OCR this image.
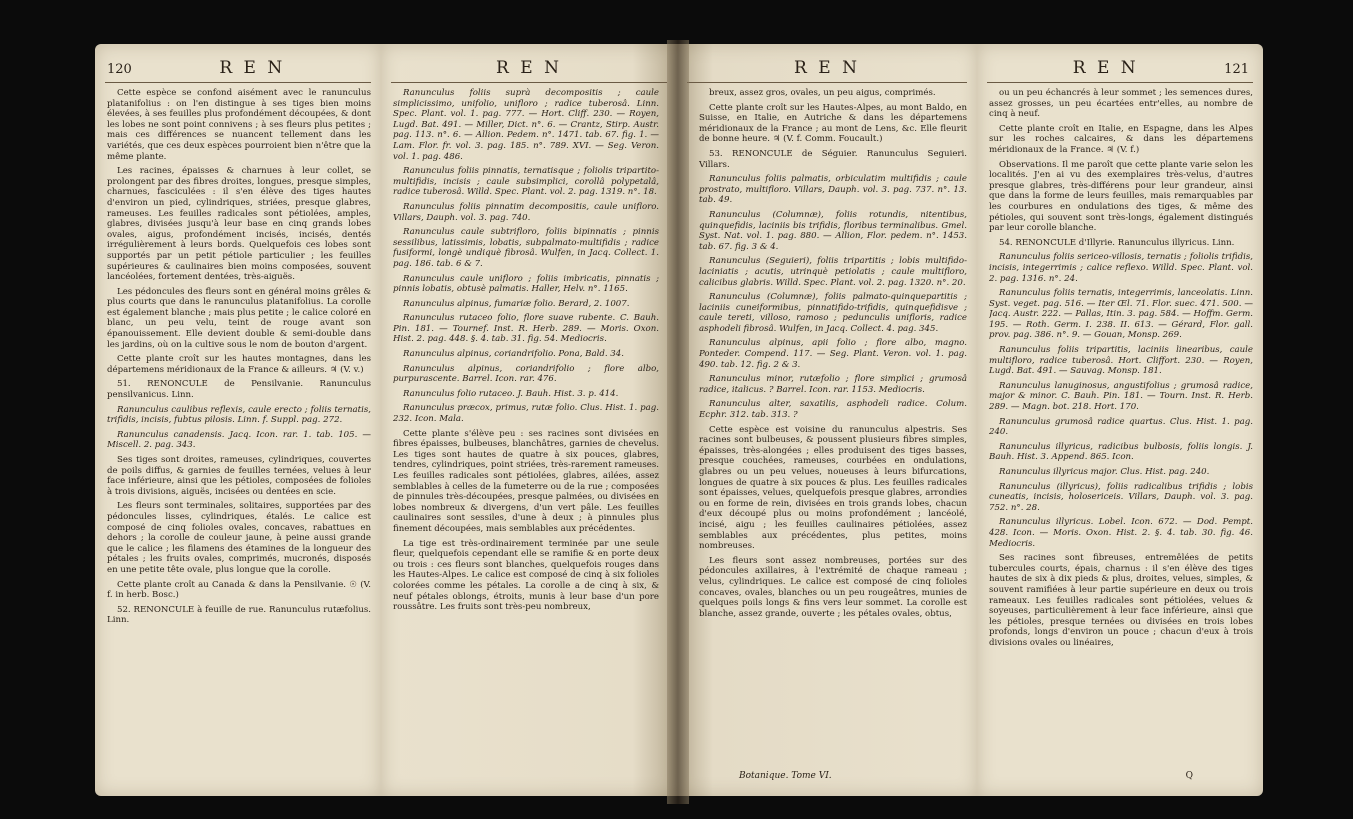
120	R E N

Cette espèce se confond aisément avec le ranunculus platanifolius : on l'en distingue à ses tiges bien moins élevées, à ses feuilles plus profondément découpées, & dont les lobes ne sont point connivens ; à ses fleurs plus petites ; mais ces différences se nuancent tellement dans les variétés, que ces deux espèces pourroient bien n'être que la même plante.

Les racines, épaisses & charnues à leur collet, se prolongent par des fibres droites, longues, presque simples, charnues, fasciculées : il s'en élève des tiges hautes d'environ un pied, cylindriques, striées, presque glabres, rameuses. Les feuilles radicales sont pétiolées, amples, glabres, divisées jusqu'à leur base en cinq grands lobes ovales, aigus, profondément incisés, incisés, dentés irrégulièrement à leurs bords. Quelquefois ces lobes sont supportés par un petit pétiole particulier ; les feuilles supérieures & caulinaires bien moins composées, souvent lancéolées, fortement dentées, très-aiguës.

Les pédoncules des fleurs sont en général moins grêles & plus courts que dans le ranunculus platanifolius. La corolle est également blanche ; mais plus petite ; le calice coloré en blanc, un peu velu, teint de rouge avant son épanouissement. Elle devient double & semi-double dans les jardins, où on la cultive sous le nom de bouton d'argent.

Cette plante croît sur les hautes montagnes, dans les départemens méridionaux de la France & ailleurs. ♃ (V. v.)

51. RENONCULE de Pensilvanie. Ranunculus pensilvanicus. Linn.

Ranunculus caulibus reflexis, caule erecto ; foliis ternatis, trifidis, incisis, fubtus pilosis. Linn. f. Suppl. pag. 272.

Ranunculus canadensis. Jacq. Icon. rar. 1. tab. 105. — Miscell. 2. pag. 343.

Ses tiges sont droites, rameuses, cylindriques, couvertes de poils diffus, & garnies de feuilles ternées, velues à leur face inférieure, ainsi que les pétioles, composées de folioles à trois divisions, aiguës, incisées ou dentées en scie.

Les fleurs sont terminales, solitaires, supportées par des pédoncules lisses, cylindriques, étalés. Le calice est composé de cinq folioles ovales, concaves, rabattues en dehors ; la corolle de couleur jaune, à peine aussi grande que le calice ; les filamens des étamines de la longueur des pétales ; les fruits ovales, comprimés, mucronés, disposés en une petite tête ovale, plus longue que la corolle.

Cette plante croît au Canada & dans la Pensilvanie. ☉ (V. f. in herb. Bosc.)

52. RENONCULE à feuille de rue. Ranunculus rutæfolius. Linn.

R E N

Ranunculus foliis suprà decompositis ; caule simplicissimo, unifolio, unifloro ; radice tuberosâ. Linn. Spec. Plant. vol. 1. pag. 777. — Hort. Cliff. 230. — Royen, Lugd. Bat. 491. — Miller, Dict. n°. 6. — Crantz, Stirp. Austr. pag. 113. n°. 6. — Allion. Pedem. n°. 1471. tab. 67. fig. 1. — Lam. Flor. fr. vol. 3. pag. 185. n°. 789. XVI. — Seg. Veron. vol. 1. pag. 486.

Ranunculus foliis pinnatis, ternatisque ; foliolis tripartito-multifidis, incisis ; caule subsimplici, corollâ polypetalâ, radice tuberosâ. Willd. Spec. Plant. vol. 2. pag. 1319. n°. 18.

Ranunculus foliis pinnatim decompositis, caule unifloro. Villars, Dauph. vol. 3. pag. 740.

Ranunculus caule subtrifloro, foliis bipinnatis ; pinnis sessilibus, latissimis, lobatis, subpalmato-multifidis ; radice fusiformi, longè undiquè fibrosâ. Wulfen, in Jacq. Collect. 1. pag. 186. tab. 6 & 7.

Ranunculus caule unifloro ; foliis imbricatis, pinnatis ; pinnis lobatis, obtusè palmatis. Haller, Helv. n°. 1165.

Ranunculus alpinus, fumariæ folio. Berard, 2. 1007.

Ranunculus rutaceo folio, flore suave rubente. C. Bauh. Pin. 181. — Tournef. Inst. R. Herb. 289. — Moris. Oxon. Hist. 2. pag. 448. §. 4. tab. 31. fig. 54. Mediocris.

Ranunculus alpinus, coriandrifolio. Pona, Bald. 34.

Ranunculus alpinus, coriandrifolio ; flore albo, purpurascente. Barrel. Icon. rar. 476.

Ranunculus folio rutaceo. J. Bauh. Hist. 3. p. 414.

Ranunculus præcox, primus, rutæ folio. Clus. Hist. 1. pag. 232. Icon. Mala.

Cette plante s'élève peu : ses racines sont divisées en fibres épaisses, bulbeuses, blanchâtres, garnies de chevelus. Les tiges sont hautes de quatre à six pouces, glabres, tendres, cylindriques, point striées, très-rarement rameuses. Les feuilles radicales sont pétiolées, glabres, ailées, assez semblables à celles de la fumeterre ou de la rue ; composées de pinnules très-découpées, presque palmées, ou divisées en lobes nombreux & divergens, d'un vert pâle. Les feuilles caulinaires sont sessiles, d'une à deux ; à pinnules plus finement découpées, mais semblables aux précédentes.

La tige est très-ordinairement terminée par une seule fleur, quelquefois cependant elle se ramifie & en porte deux ou trois : ces fleurs sont blanches, quelquefois rouges dans les Hautes-Alpes. Le calice est composé de cinq à six folioles colorées comme les pétales. La corolle a de cinq à six, & neuf pétales oblongs, étroits, munis à leur base d'un pore roussâtre. Les fruits sont très-peu nombreux,

R E N

breux, assez gros, ovales, un peu aigus, comprimés.

Cette plante croît sur les Hautes-Alpes, au mont Baldo, en Suisse, en Italie, en Autriche & dans les départemens méridionaux de la France ; au mont de Lens, &c. Elle fleurit de bonne heure. ♃ (V. f. Comm. Foucault.)

53. RENONCULE de Séguier. Ranunculus Seguieri. Villars.

Ranunculus foliis palmatis, orbiculatim multifidis ; caule prostrato, multifloro. Villars, Dauph. vol. 3. pag. 737. n°. 13. tab. 49.

Ranunculus (Columnæ), foliis rotundis, nitentibus, quinquefidis, laciniis bis trifidis, floribus terminalibus. Gmel. Syst. Nat. vol. 1. pag. 880. — Allion, Flor. pedem. n°. 1453. tab. 67. fig. 3 & 4.

Ranunculus (Seguieri), foliis tripartitis ; lobis multifido-laciniatis ; acutis, utrinquè petiolatis ; caule multifloro, calicibus glabris. Willd. Spec. Plant. vol. 2. pag. 1320. n°. 20.

Ranunculus (Columnæ), foliis palmato-quinquepartitis ; laciniis cuneiformibus, pinnatifido-trifidis, quinquefidisve ; caule tereti, villoso, ramoso ; pedunculis unifloris, radice asphodeli fibrosâ. Wulfen, in Jacq. Collect. 4. pag. 345.

Ranunculus alpinus, apii folio ; flore albo, magno. Ponteder. Compend. 117. — Seg. Plant. Veron. vol. 1. pag. 490. tab. 12. fig. 2 & 3.

Ranunculus minor, rutæfolio ; flore simplici ; grumosâ radice, italicus. ? Barrel. Icon. rar. 1153. Mediocris.

Ranunculus alter, saxatilis, asphodeli radice. Colum. Ecphr. 312. tab. 313. ?

Cette espèce est voisine du ranunculus alpestris. Ses racines sont bulbeuses, & poussent plusieurs fibres simples, épaisses, très-alongées ; elles produisent des tiges basses, presque couchées, rameuses, courbées en ondulations, glabres ou un peu velues, noueuses à leurs bifurcations, longues de quatre à six pouces & plus. Les feuilles radicales sont épaisses, velues, quelquefois presque glabres, arrondies ou en forme de rein, divisées en trois grands lobes, chacun d'eux découpé plus ou moins profondément ; lancéolé, incisé, aigu ; les feuilles caulinaires pétiolées, assez semblables aux précédentes, plus petites, moins nombreuses.

Les fleurs sont assez nombreuses, portées sur des pédoncules axillaires, à l'extrémité de chaque rameau ; velus, cylindriques. Le calice est composé de cinq folioles concaves, ovales, blanches ou un peu rougeâtres, munies de quelques poils longs & fins vers leur sommet. La corolle est blanche, assez grande, ouverte ; les pétales ovales, obtus,

Botanique. Tome VI.
R E N	121

ou un peu échancrés à leur sommet ; les semences dures, assez grosses, un peu écartées entr'elles, au nombre de cinq à neuf.

Cette plante croît en Italie, en Espagne, dans les Alpes sur les roches calcaires, & dans les départemens méridionaux de la France. ♃ (V. f.)

Observations. Il me paroît que cette plante varie selon les localités. J'en ai vu des exemplaires très-velus, d'autres presque glabres, très-différens pour leur grandeur, ainsi que dans la forme de leurs feuilles, mais remarquables par les courbures en ondulations des tiges, & même des pétioles, qui souvent sont très-longs, également distingués par leur corolle blanche.

54. RENONCULE d'Illyrie. Ranunculus illyricus. Linn.

Ranunculus foliis sericeo-villosis, ternatis ; foliolis trifidis, incisis, integerrimis ; calice reflexo. Willd. Spec. Plant. vol. 2. pag. 1316. n°. 24.

Ranunculus foliis ternatis, integerrimis, lanceolatis. Linn. Syst. veget. pag. 516. — Iter Œl. 71. Flor. suec. 471. 500. — Jacq. Austr. 222. — Pallas, Itin. 3. pag. 584. — Hoffm. Germ. 195. — Roth. Germ. I. 238. II. 613. — Gérard, Flor. gall. prov. pag. 386. n°. 9. — Gouan, Monsp. 269.

Ranunculus foliis tripartitis, laciniis linearibus, caule multifloro, radice tuberosâ. Hort. Cliffort. 230. — Royen, Lugd. Bat. 491. — Sauvag. Monsp. 181.

Ranunculus lanuginosus, angustifolius ; grumosâ radice, major & minor. C. Bauh. Pin. 181. — Tourn. Inst. R. Herb. 289. — Magn. bot. 218. Hort. 170.

Ranunculus grumosâ radice quartus. Clus. Hist. 1. pag. 240.

Ranunculus illyricus, radicibus bulbosis, foliis longis. J. Bauh. Hist. 3. Append. 865. Icon.

Ranunculus illyricus major. Clus. Hist. pag. 240.

Ranunculus (illyricus), foliis radicalibus trifidis ; lobis cuneatis, incisis, holosericeis. Villars, Dauph. vol. 3. pag. 752. n°. 28.

Ranunculus illyricus. Lobel. Icon. 672. — Dod. Pempt. 428. Icon. — Moris. Oxon. Hist. 2. §. 4. tab. 30. fig. 46. Mediocris.

Ses racines sont fibreuses, entremêlées de petits tubercules courts, épais, charnus : il s'en élève des tiges hautes de six à dix pieds & plus, droites, velues, simples, & souvent ramifiées à leur partie supérieure en deux ou trois rameaux. Les feuilles radicales sont pétiolées, velues & soyeuses, particulièrement à leur face inférieure, ainsi que les pétioles, presque ternées ou divisées en trois lobes profonds, longs d'environ un pouce ; chacun d'eux à trois divisions ovales ou linéaires,

Q
